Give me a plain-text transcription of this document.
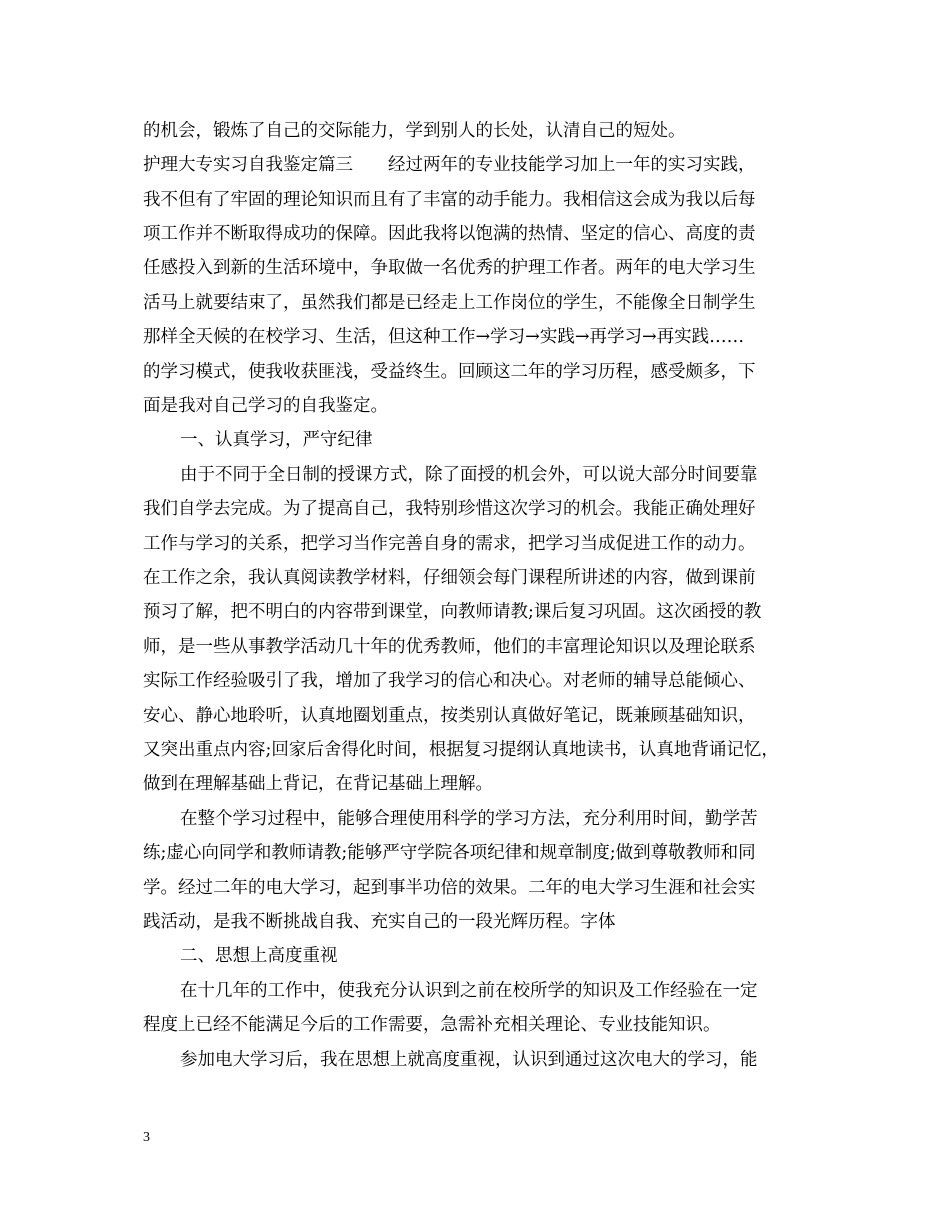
的机会，锻炼了自己的交际能力，学到别人的长处，认清自己的短处。
护理大专实习自我鉴定篇三　　经过两年的专业技能学习加上一年的实习实践，
我不但有了牢固的理论知识而且有了丰富的动手能力。我相信这会成为我以后每
项工作并不断取得成功的保障。因此我将以饱满的热情、坚定的信心、高度的责
任感投入到新的生活环境中，争取做一名优秀的护理工作者。两年的电大学习生
活马上就要结束了，虽然我们都是已经走上工作岗位的学生，不能像全日制学生
那样全天候的在校学习、生活，但这种工作→学习→实践→再学习→再实践……
的学习模式，使我收获匪浅，受益终生。回顾这二年的学习历程，感受颇多，下
面是我对自己学习的自我鉴定。
一、认真学习，严守纪律
由于不同于全日制的授课方式，除了面授的机会外，可以说大部分时间要靠
我们自学去完成。为了提高自己，我特别珍惜这次学习的机会。我能正确处理好
工作与学习的关系，把学习当作完善自身的需求，把学习当成促进工作的动力。
在工作之余，我认真阅读教学材料，仔细领会每门课程所讲述的内容，做到课前
预习了解，把不明白的内容带到课堂，向教师请教;课后复习巩固。这次函授的教
师，是一些从事教学活动几十年的优秀教师，他们的丰富理论知识以及理论联系
实际工作经验吸引了我，增加了我学习的信心和决心。对老师的辅导总能倾心、
安心、静心地聆听，认真地圈划重点，按类别认真做好笔记，既兼顾基础知识，
又突出重点内容;回家后舍得化时间，根据复习提纲认真地读书，认真地背诵记忆，
做到在理解基础上背记，在背记基础上理解。
在整个学习过程中，能够合理使用科学的学习方法，充分利用时间，勤学苦
练;虚心向同学和教师请教;能够严守学院各项纪律和规章制度;做到尊敬教师和同
学。经过二年的电大学习，起到事半功倍的效果。二年的电大学习生涯和社会实
践活动，是我不断挑战自我、充实自己的一段光辉历程。字体
二、思想上高度重视
在十几年的工作中，使我充分认识到之前在校所学的知识及工作经验在一定
程度上已经不能满足今后的工作需要，急需补充相关理论、专业技能知识。
参加电大学习后，我在思想上就高度重视，认识到通过这次电大的学习，能
3
